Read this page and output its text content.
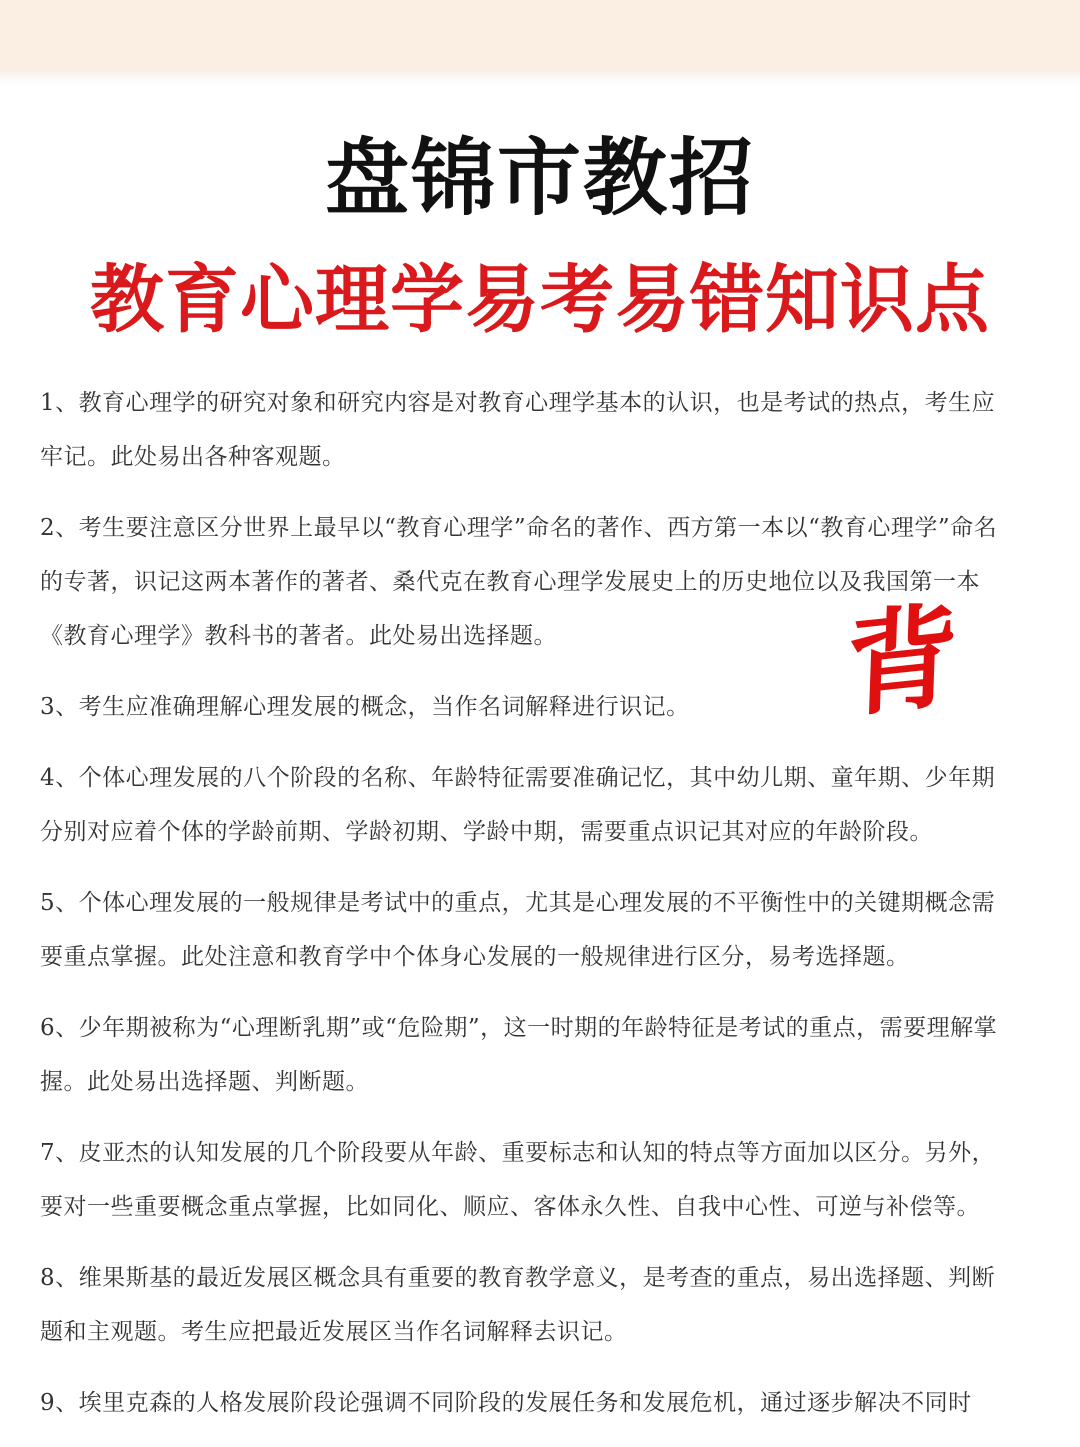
盘锦市教招
教育心理学易考易错知识点
背

1、教育心理学的研究对象和研究内容是对教育心理学基本的认识，也是考试的热点，考生应牢记。此处易出各种客观题。

2、考生要注意区分世界上最早以“教育心理学”命名的著作、西方第一本以“教育心理学”命名的专著，识记这两本著作的著者、桑代克在教育心理学发展史上的历史地位以及我国第一本《教育心理学》教科书的著者。此处易出选择题。

3、考生应准确理解心理发展的概念，当作名词解释进行识记。

4、个体心理发展的八个阶段的名称、年龄特征需要准确记忆，其中幼儿期、童年期、少年期分别对应着个体的学龄前期、学龄初期、学龄中期，需要重点识记其对应的年龄阶段。

5、个体心理发展的一般规律是考试中的重点，尤其是心理发展的不平衡性中的关键期概念需要重点掌握。此处注意和教育学中个体身心发展的一般规律进行区分，易考选择题。

6、少年期被称为“心理断乳期”或“危险期”，这一时期的年龄特征是考试的重点，需要理解掌握。此处易出选择题、判断题。

7、皮亚杰的认知发展的几个阶段要从年龄、重要标志和认知的特点等方面加以区分。另外，要对一些重要概念重点掌握，比如同化、顺应、客体永久性、自我中心性、可逆与补偿等。

8、维果斯基的最近发展区概念具有重要的教育教学意义，是考查的重点，易出选择题、判断题和主观题。考生应把最近发展区当作名词解释去识记。

9、埃里克森的人格发展阶段论强调不同阶段的发展任务和发展危机，通过逐步解决不同时
